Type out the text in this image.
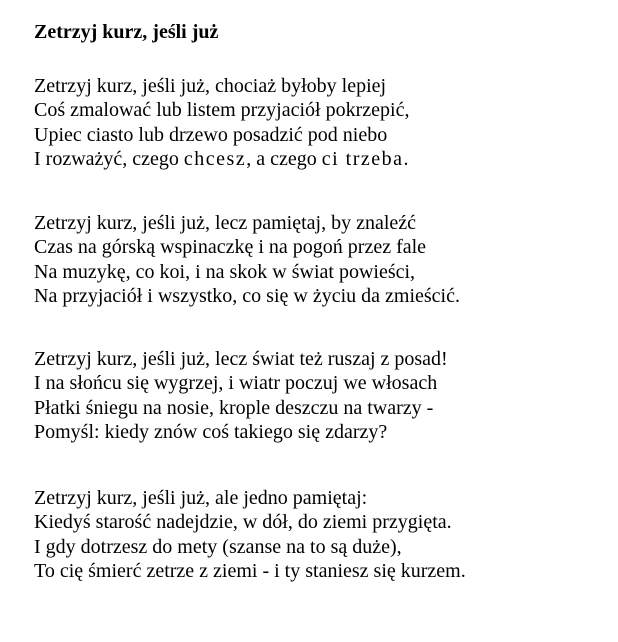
Zetrzyj kurz, jeśli już
Zetrzyj kurz, jeśli już, chociaż byłoby lepiej
Coś zmalować lub listem przyjaciół pokrzepić,
Upiec ciasto lub drzewo posadzić pod niebo
I rozważyć, czego chcesz, a czego ci trzeba.
Zetrzyj kurz, jeśli już, lecz pamiętaj, by znaleźć
Czas na górską wspinaczkę i na pogoń przez fale
Na muzykę, co koi, i na skok w świat powieści,
Na przyjaciół i wszystko, co się w życiu da zmieścić.
Zetrzyj kurz, jeśli już, lecz świat też ruszaj z posad!
I na słońcu się wygrzej, i wiatr poczuj we włosach
Płatki śniegu na nosie, krople deszczu na twarzy -
Pomyśl: kiedy znów coś takiego się zdarzy?
Zetrzyj kurz, jeśli już, ale jedno pamiętaj:
Kiedyś starość nadejdzie, w dół, do ziemi przygięta.
I gdy dotrzesz do mety (szanse na to są duże),
To cię śmierć zetrze z ziemi - i ty staniesz się kurzem.
